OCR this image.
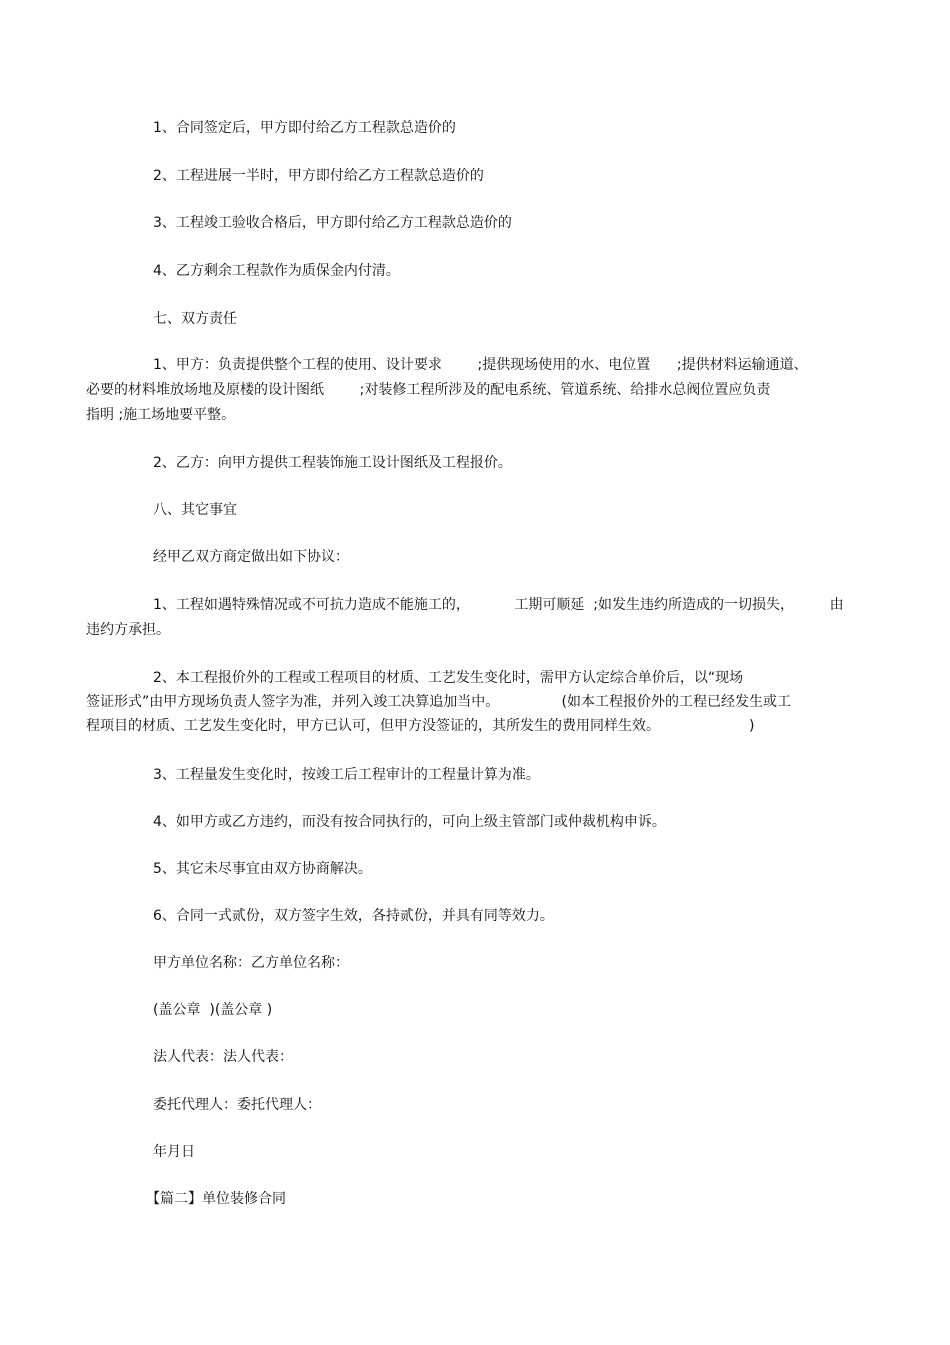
1、合同签定后，甲方即付给乙方工程款总造价的

2、工程进展一半时，甲方即付给乙方工程款总造价的

3、工程竣工验收合格后，甲方即付给乙方工程款总造价的

4、乙方剩余工程款作为质保金内付清。

七、双方责任

1、甲方：负责提供整个工程的使用、设计要求        ;提供现场使用的水、电位置      ;提供材料运输通道、

必要的材料堆放场地及原楼的设计图纸        ;对装修工程所涉及的配电系统、管道系统、给排水总阀位置应负责

指明 ;施工场地要平整。

2、乙方：向甲方提供工程装饰施工设计图纸及工程报价。

八、其它事宜

经甲乙双方商定做出如下协议：

1、工程如遇特殊情况或不可抗力造成不能施工的，          工期可顺延  ;如发生违约所造成的一切损失，        由

违约方承担。

2、本工程报价外的工程或工程项目的材质、工艺发生变化时，需甲方认定综合单价后，以“现场

签证形式”由甲方现场负责人签字为准，并列入竣工决算追加当中。              (如本工程报价外的工程已经发生或工

程项目的材质、工艺发生变化时，甲方已认可，但甲方没签证的，其所发生的费用同样生效。                    )

3、工程量发生变化时，按竣工后工程审计的工程量计算为准。

4、如甲方或乙方违约，而没有按合同执行的，可向上级主管部门或仲裁机构申诉。

5、其它未尽事宜由双方协商解决。

6、合同一式贰份，双方签字生效，各持贰份，并具有同等效力。

甲方单位名称：乙方单位名称：

(盖公章  )(盖公章 )

法人代表：法人代表：

委托代理人：委托代理人：

年月日

【篇二】单位装修合同
